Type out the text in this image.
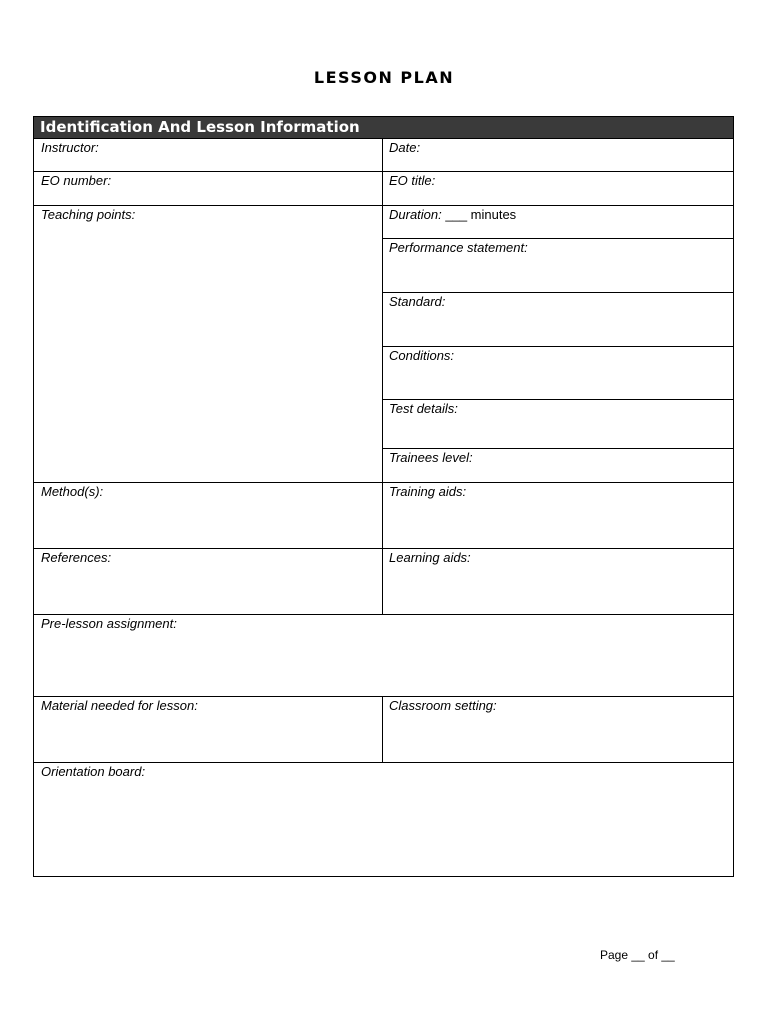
LESSON PLAN
Identification And Lesson Information
Instructor:	Date:
EO number:	EO title:
Teaching points:	Duration: ___ minutes
Performance statement:
Standard:
Conditions:
Test details:
Trainees level:
Method(s):	Training aids:
References:	Learning aids:
Pre-lesson assignment:
Material needed for lesson:	Classroom setting:
Orientation board:
Page __ of __
